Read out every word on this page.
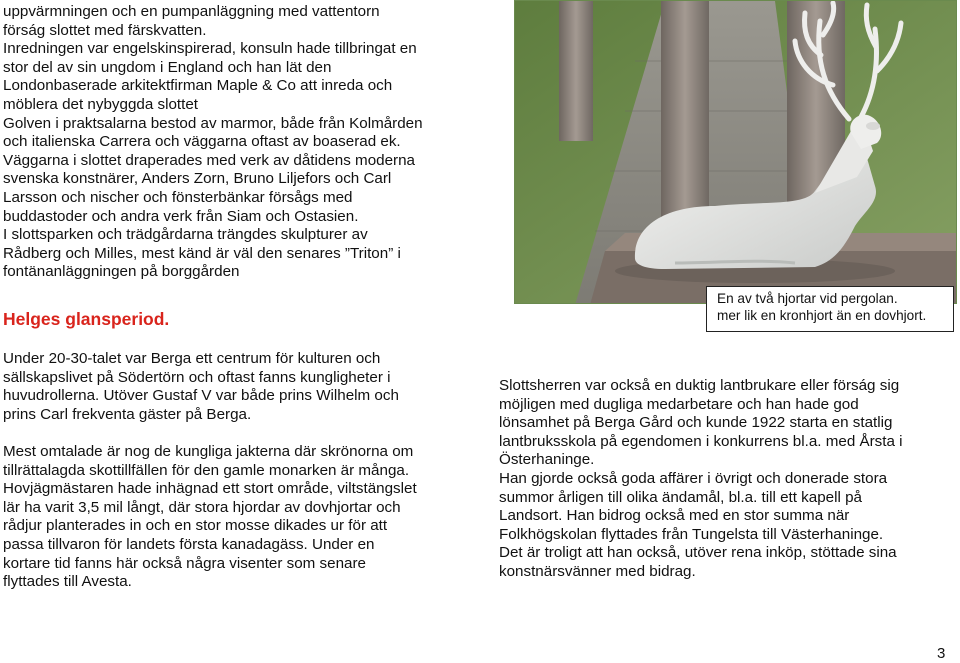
uppvärmningen och en pumpanläggning med vattentorn
förság slottet med färskvatten.
Inredningen var engelskinspirerad, konsuln hade tillbringat en
stor del av sin ungdom i England och han lät den
Londonbaserade arkitektfirman Maple & Co att inreda och
möblera det nybyggda slottet
Golven i praktsalarna bestod av marmor, både från Kolmården
och italienska Carrera och väggarna oftast av boaserad ek.
Väggarna i slottet draperades med verk av dåtidens moderna
svenska konstnärer, Anders Zorn, Bruno Liljefors och Carl
Larsson och nischer och fönsterbänkar försågs med
buddastoder och andra verk från Siam och Ostasien.
I slottsparken och trädgårdarna trängdes skulpturer av
Rådberg och Milles, mest känd är väl den senares ”Triton” i
fontänanläggningen på borggården
Helges glansperiod.
Under 20-30-talet var Berga ett centrum för kulturen och
sällskapslivet på Södertörn och oftast fanns kungligheter i
huvudrollerna. Utöver Gustaf V var både prins Wilhelm och
prins Carl frekventa gäster på Berga.
Mest omtalade är nog de kungliga jakterna där skrönorna om
tillrättalagda skottillfällen för den gamle monarken är många.
Hovjägmästaren hade inhägnad ett stort område, viltstängslet
lär ha varit 3,5 mil långt, där stora hjordar av dovhjortar och
rådjur planterades in och en stor mosse dikades ur för att
passa tillvaron för landets första kanadagäss. Under en
kortare tid fanns här också några visenter som senare
flyttades till Avesta.
Slottsherren var också en duktig lantbrukare eller förság sig
möjligen med dugliga medarbetare och han hade god
lönsamhet på Berga Gård och kunde 1922 starta en statlig
lantbruksskola på egendomen i konkurrens bl.a. med Årsta i
Österhaninge.
Han gjorde också goda affärer i övrigt och donerade stora
summor årligen till olika ändamål, bl.a. till ett kapell på
Landsort. Han bidrog också med en stor summa när
Folkhögskolan flyttades från Tungelsta till Västerhaninge.
Det är troligt att han också, utöver rena inköp, stöttade sina
konstnärsvänner med bidrag.
En av två hjortar vid pergolan.
mer lik en kronhjort än en dovhjort.

3
